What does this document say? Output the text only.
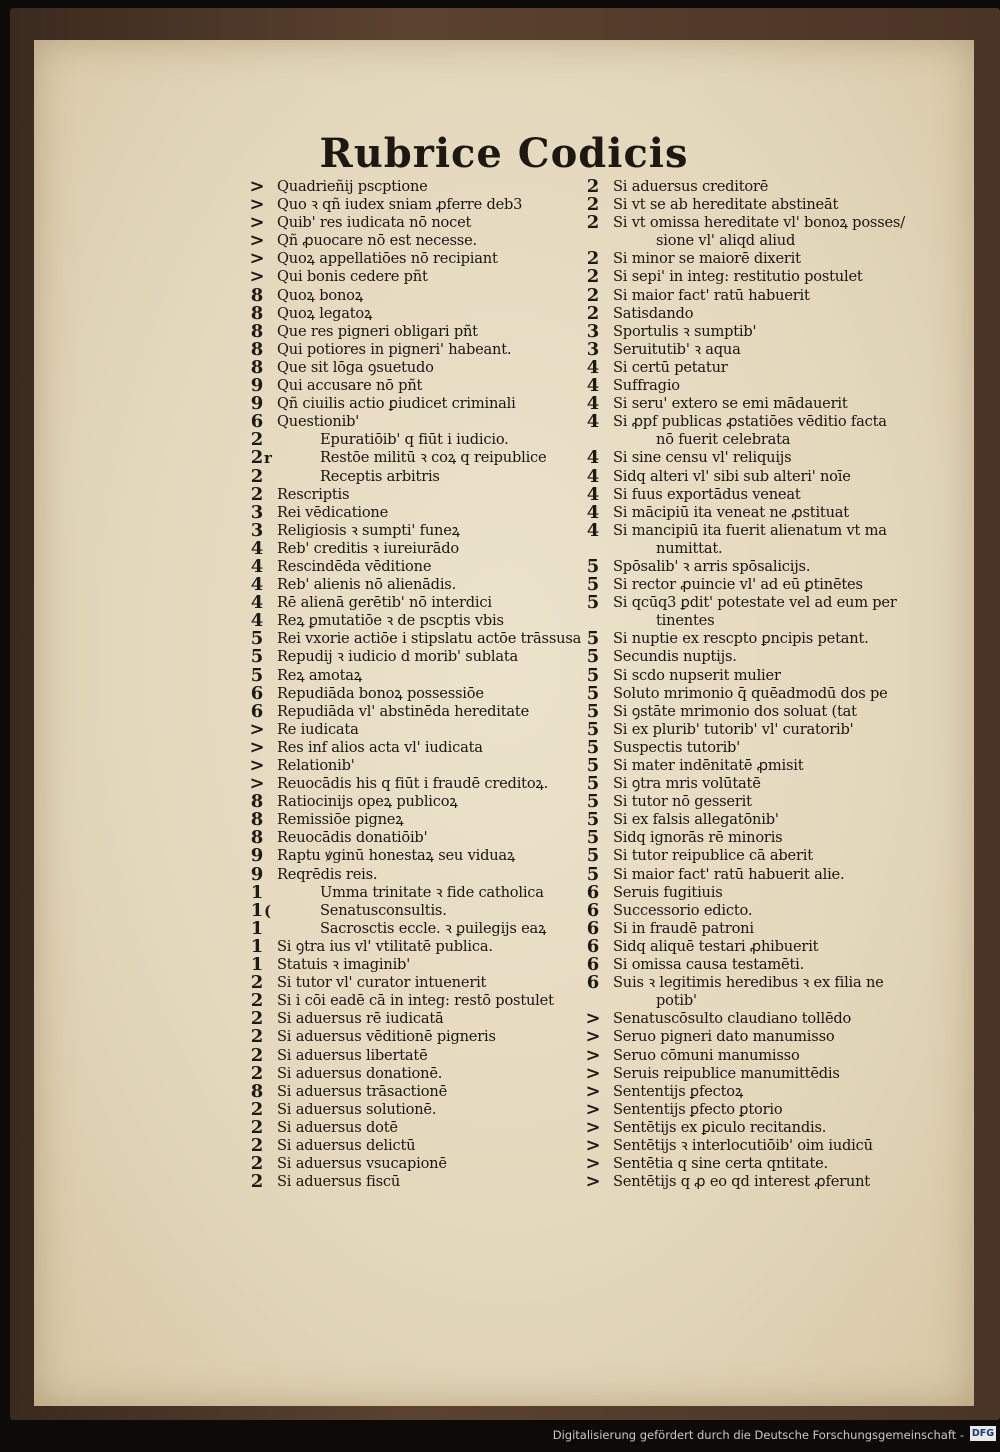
Rubrice Codicis
> Quadrieñij pscptione
> Quo ꝛ qñ iudex sniam ꝓferre deb3
> Quib' res iudicata nō nocet
> Qñ ꝓuocare nō est necesse.
> Quoꝝ appellatiōes nō recipiant
> Qui bonis cedere pñt
8 Quoꝝ bonoꝝ
8 Quoꝝ legatoꝝ
8 Que res pigneri obligari pñt
8 Qui potiores in pigneri' habeant.
8 Que sit lōga ꝯsuetudo
9 Qui accusare nō pñt
9 Qñ ciuilis actio ꝑiudicet criminali
6 Questionib'
2	Epuratiōib' q fiūt i iudicio.
2 r	Restōe militū ꝛ coꝝ q reipublice
2	Receptis arbitris
2 Rescriptis
3 Rei vēdicatione
3 Religiosis ꝛ sumpti' funeꝝ
4 Reb' creditis ꝛ iureiurādo
4 Rescindēda vēditione
4 Reb' alienis nō alienādis.
4 Rē alienā gerētib' nō interdici
4 Reꝝ ꝑmutatiōe ꝛ de pscptis vbis
5 Rei vxorie actiōe i stipslatu actōe trāssusa
5 Repudij ꝛ iudicio d morib' sublata
5 Reꝝ amotaꝝ
6 Repudiāda bonoꝝ possessiōe
6 Repudiāda vl' abstinēda hereditate
> Re iudicata
> Res inf alios acta vl' iudicata
> Relationib'
> Reuocādis his q fiūt i fraudē creditoꝝ.
8 Ratiocinijs opeꝝ publicoꝝ
8 Remissiōe pigneꝝ
8 Reuocādis donatiōib'
9 Raptu ꝟginū honestaꝝ seu viduaꝝ
9 Reqrēdis reis.
1	Umma trinitate ꝛ fide catholica
1 (	Senatusconsultis.
1	Sacrosctis eccle. ꝛ ꝑuilegijs eaꝝ
1 Si ꝯtra ius vl' vtilitatē publica.
1 Statuis ꝛ imaginib'
2 Si tutor vl' curator intuenerit
2 Si i cōi eadē cā in integ: restō postulet
2 Si aduersus rē iudicatā
2 Si aduersus vēditionē pigneris
2 Si aduersus libertatē
2 Si aduersus donationē.
8 Si aduersus trāsactionē
2 Si aduersus solutionē.
2 Si aduersus dotē
2 Si aduersus delictū
2 Si aduersus vsucapionē
2 Si aduersus fiscū
2 Si aduersus creditorē
2 Si vt se ab hereditate abstineāt
2 Si vt omissa hereditate vl' bonoꝝ posses/
sione vl' aliqd aliud
2 Si minor se maiorē dixerit
2 Si sepi' in integ: restitutio postulet
2 Si maior fact' ratū habuerit
2 Satisdando
3 Sportulis ꝛ sumptib'
3 Seruitutib' ꝛ aqua
4 Si certū petatur
4 Suffragio
4 Si seru' extero se emi mādauerit
4 Si ꝓpf publicas ꝓstatiōes vēditio facta
nō fuerit celebrata
4 Si sine censu vl' reliquijs
4 Sidq alteri vl' sibi sub alteri' noīe
4 Si fuus exportādus veneat
4 Si mācipiū ita veneat ne ꝓstituat
4 Si mancipiū ita fuerit alienatum vt ma
numittat.
5 Spōsalib' ꝛ arris spōsalicijs.
5 Si rector ꝓuincie vl' ad eū ꝑtinētes
5 Si qcūq3 ꝑdit' potestate vel ad eum per
tinentes
5 Si nuptie ex rescpto ꝑncipis petant.
5 Secundis nuptijs.
5 Si scdo nupserit mulier
5 Soluto mrimonio q̄ quēadmodū dos pe
5 Si ꝯstāte mrimonio dos soluat (tat
5 Si ex plurib' tutorib' vl' curatorib'
5 Suspectis tutorib'
5 Si mater indēnitatē ꝓmisit
5 Si ꝯtra mris volūtatē
5 Si tutor nō gesserit
5 Si ex falsis allegatōnib'
5 Sidq ignorās rē minoris
5 Si tutor reipublice cā aberit
5 Si maior fact' ratū habuerit alie.
6 Seruis fugitiuis
6 Successorio edicto.
6 Si in fraudē patroni
6 Sidq aliquē testari ꝓhibuerit
6 Si omissa causa testamēti.
6 Suis ꝛ legitimis heredibus ꝛ ex filia ne
potib'
> Senatuscōsulto claudiano tollēdo
> Seruo pigneri dato manumisso
> Seruo cōmuni manumisso
> Seruis reipublice manumittēdis
> Sententijs ꝑfectoꝝ
> Sententijs ꝑfecto ꝑtorio
> Sentētijs ex ꝑiculo recitandis.
> Sentētijs ꝛ interlocutiōib' oim iudicū
> Sentētia q sine certa qntitate.
> Sentētijs q ꝓ eo qd interest ꝓferunt
Digitalisierung gefördert durch die Deutsche Forschungsgemeinschaft - DFG
